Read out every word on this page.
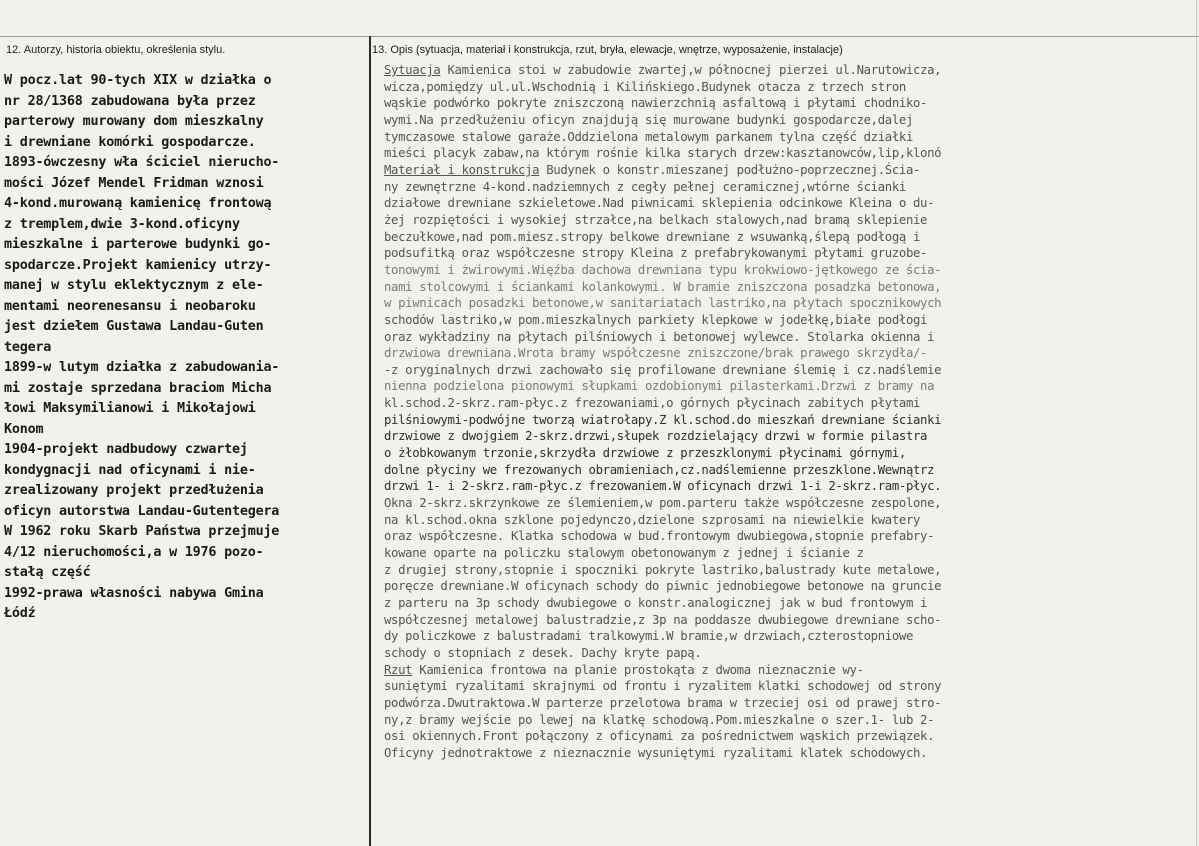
12. Autorzy, historia obiektu, określenia stylu.	13. Opis (sytuacja, materiał i konstrukcja, rzut, bryła, elewacje, wnętrze, wyposażenie, instalacje)
W pocz.lat 90-tych XIX w działka o
nr 28/1368 zabudowana była przez
parterowy murowany dom mieszkalny
i drewniane komórki gospodarcze.
1893-ówczesny wła ściciel nierucho-
mości Józef Mendel Fridman wznosi
4-kond.murowaną kamienicę frontową
z tremplem,dwie 3-kond.oficyny
mieszkalne i parterowe budynki go-
spodarcze.Projekt kamienicy utrzy-
manej w stylu eklektycznym z ele-
mentami neorenesansu i neobaroku
jest dziełem Gustawa Landau-Guten
tegera
1899-w lutym działka z zabudowania-
mi zostaje sprzedana braciom Micha
łowi Maksymilianowi i Mikołajowi
Konom
1904-projekt nadbudowy czwartej
kondygnacji nad oficynami i nie-
zrealizowany projekt przedłużenia
oficyn autorstwa Landau-Gutentegera
W 1962 roku Skarb Państwa przejmuje
4/12 nieruchomości,a w 1976 pozo-
stałą część
1992-prawa własności nabywa Gmina
Łódź
Sytuacja Kamienica stoi w zabudowie zwartej,w północnej pierzei ul.Narutowicza,
wicza,pomiędzy ul.ul.Wschodnią i Kilińskiego.Budynek otacza z trzech stron
wąskie podwórko pokryte zniszczoną nawierzchnią asfaltową i płytami chodniko-
wymi.Na przedłużeniu oficyn znajdują się murowane budynki gospodarcze,dalej
tymczasowe stalowe garaże.Oddzielona metalowym parkanem tylna część działki
mieści placyk zabaw,na którym rośnie kilka starych drzew:kasztanowców,lip,klonó
Materiał i konstrukcja Budynek o konstr.mieszanej podłużno-poprzecznej.Ścia-
ny zewnętrzne 4-kond.nadziemnych z cegły pełnej ceramicznej,wtórne ścianki
działowe drewniane szkieletowe.Nad piwnicami sklepienia odcinkowe Kleina o du-
żej rozpiętości i wysokiej strzałce,na belkach stalowych,nad bramą sklepienie
beczułkowe,nad pom.miesz.stropy belkowe drewniane z wsuwanką,ślepą podłogą i
podsufitką oraz współczesne stropy Kleina z prefabrykowanymi płytami gruzobe-
tonowymi i żwirowymi.Więźba dachowa drewniana typu krokwiowo-jętkowego ze ścia-
nami stolcowymi i ściankami kolankowymi. W bramie zniszczona posadzka betonowa,
w piwnicach posadzki betonowe,w sanitariatach lastriko,na płytach spocznikowych
schodów lastriko,w pom.mieszkalnych parkiety klepkowe w jodełkę,białe podłogi
oraz wykładziny na płytach pilśniowych i betonowej wylewce. Stolarka okienna i
drzwiowa drewniana.Wrota bramy współczesne zniszczone/brak prawego skrzydła/-
-z oryginalnych drzwi zachowało się profilowane drewniane ślemię i cz.nadślemie
nienna podzielona pionowymi słupkami ozdobionymi pilasterkami.Drzwi z bramy na
kl.schod.2-skrz.ram-płyc.z frezowaniami,o górnych płycinach zabitych płytami
pilśniowymi-podwójne tworzą wiatrołapy.Z kl.schod.do mieszkań drewniane ścianki
drzwiowe z dwojgiem 2-skrz.drzwi,słupek rozdzielający drzwi w formie pilastra
o żłobkowanym trzonie,skrzydła drzwiowe z przeszklonymi płycinami górnymi,
dolne płyciny we frezowanych obramieniach,cz.nadślemienne przeszklone.Wewnątrz
drzwi 1- i 2-skrz.ram-płyc.z frezowaniem.W oficynach drzwi 1-i 2-skrz.ram-płyc.
Okna 2-skrz.skrzynkowe ze ślemieniem,w pom.parteru także współczesne zespolone,
na kl.schod.okna szklone pojedynczo,dzielone szprosami na niewielkie kwatery
oraz współczesne. Klatka schodowa w bud.frontowym dwubiegowa,stopnie prefabry-
kowane oparte na policzku stalowym obetonowanym z jednej i ścianie z
z drugiej strony,stopnie i spoczniki pokryte lastriko,balustrady kute metalowe,
poręcze drewniane.W oficynach schody do piwnic jednobiegowe betonowe na gruncie
z parteru na 3p schody dwubiegowe o konstr.analogicznej jak w bud frontowym i
współczesnej metalowej balustradzie,z 3p na poddasze dwubiegowe drewniane scho-
dy policzkowe z balustradami tralkowymi.W bramie,w drzwiach,czterostopniowe
schody o stopniach z desek. Dachy kryte papą.
Rzut Kamienica frontowa na planie prostokąta z dwoma nieznacznie wy-
suniętymi ryzalitami skrajnymi od frontu i ryzalitem klatki schodowej od strony
podwórza.Dwutraktowa.W parterze przelotowa brama w trzeciej osi od prawej stro-
ny,z bramy wejście po lewej na klatkę schodową.Pom.mieszkalne o szer.1- lub 2-
osi okiennych.Front połączony z oficynami za pośrednictwem wąskich przewiązek.
Oficyny jednotraktowe z nieznacznie wysuniętymi ryzalitami klatek schodowych.
